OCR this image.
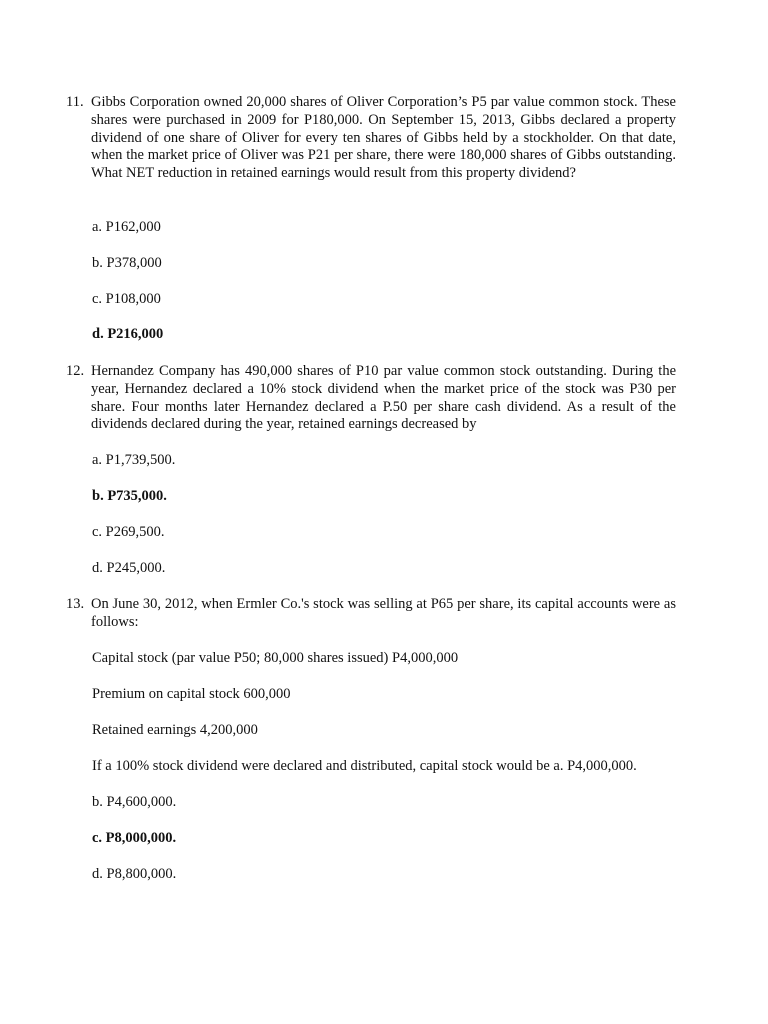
11. Gibbs Corporation owned 20,000 shares of Oliver Corporation’s P5 par value common stock. These shares were purchased in 2009 for P180,000. On September 15, 2013, Gibbs declared a property dividend of one share of Oliver for every ten shares of Gibbs held by a stockholder. On that date, when the market price of Oliver was P21 per share, there were 180,000 shares of Gibbs outstanding. What NET reduction in retained earnings would result from this property dividend?
a. P162,000
b. P378,000
c. P108,000
d. P216,000
12. Hernandez Company has 490,000 shares of P10 par value common stock outstanding. During the year, Hernandez declared a 10% stock dividend when the market price of the stock was P30 per share. Four months later Hernandez declared a P.50 per share cash dividend. As a result of the dividends declared during the year, retained earnings decreased by
a. P1,739,500.
b. P735,000.
c. P269,500.
d. P245,000.
13. On June 30, 2012, when Ermler Co.'s stock was selling at P65 per share, its capital accounts were as follows:
Capital stock (par value P50; 80,000 shares issued) P4,000,000
Premium on capital stock 600,000
Retained earnings 4,200,000
If a 100% stock dividend were declared and distributed, capital stock would be a. P4,000,000.
b. P4,600,000.
c. P8,000,000.
d. P8,800,000.
